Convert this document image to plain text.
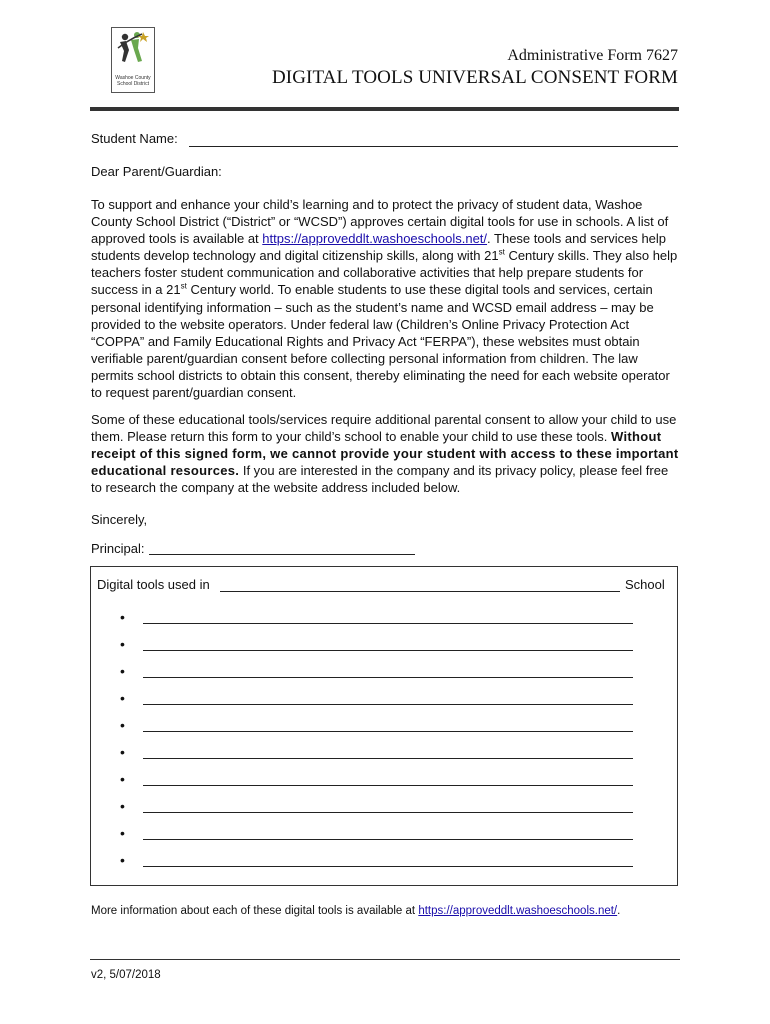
Washoe County
School District
Administrative Form 7627
DIGITAL TOOLS UNIVERSAL CONSENT FORM
Student Name:
Dear Parent/Guardian:
To support and enhance your child’s learning and to protect the privacy of student data, Washoe County School District (“District” or “WCSD”) approves certain digital tools for use in schools. A list of approved tools is available at https://approveddlt.washoeschools.net/. These tools and services help students develop technology and digital citizenship skills, along with 21st Century skills. They also help teachers foster student communication and collaborative activities that help prepare students for success in a 21st Century world. To enable students to use these digital tools and services, certain personal identifying information – such as the student’s name and WCSD email address – may be provided to the website operators. Under federal law (Children’s Online Privacy Protection Act “COPPA” and Family Educational Rights and Privacy Act “FERPA”), these websites must obtain verifiable parent/guardian consent before collecting personal information from children. The law permits school districts to obtain this consent, thereby eliminating the need for each website operator to request parent/guardian consent.
Some of these educational tools/services require additional parental consent to allow your child to use them. Please return this form to your child’s school to enable your child to use these tools. Without receipt of this signed form, we cannot provide your student with access to these important educational resources. If you are interested in the company and its privacy policy, please feel free to research the company at the website address included below.
Sincerely,
Principal:
Digital tools used in	School
•
•
•
•
•
•
•
•
•
•
More information about each of these digital tools is available at https://approveddlt.washoeschools.net/.
v2, 5/07/2018
